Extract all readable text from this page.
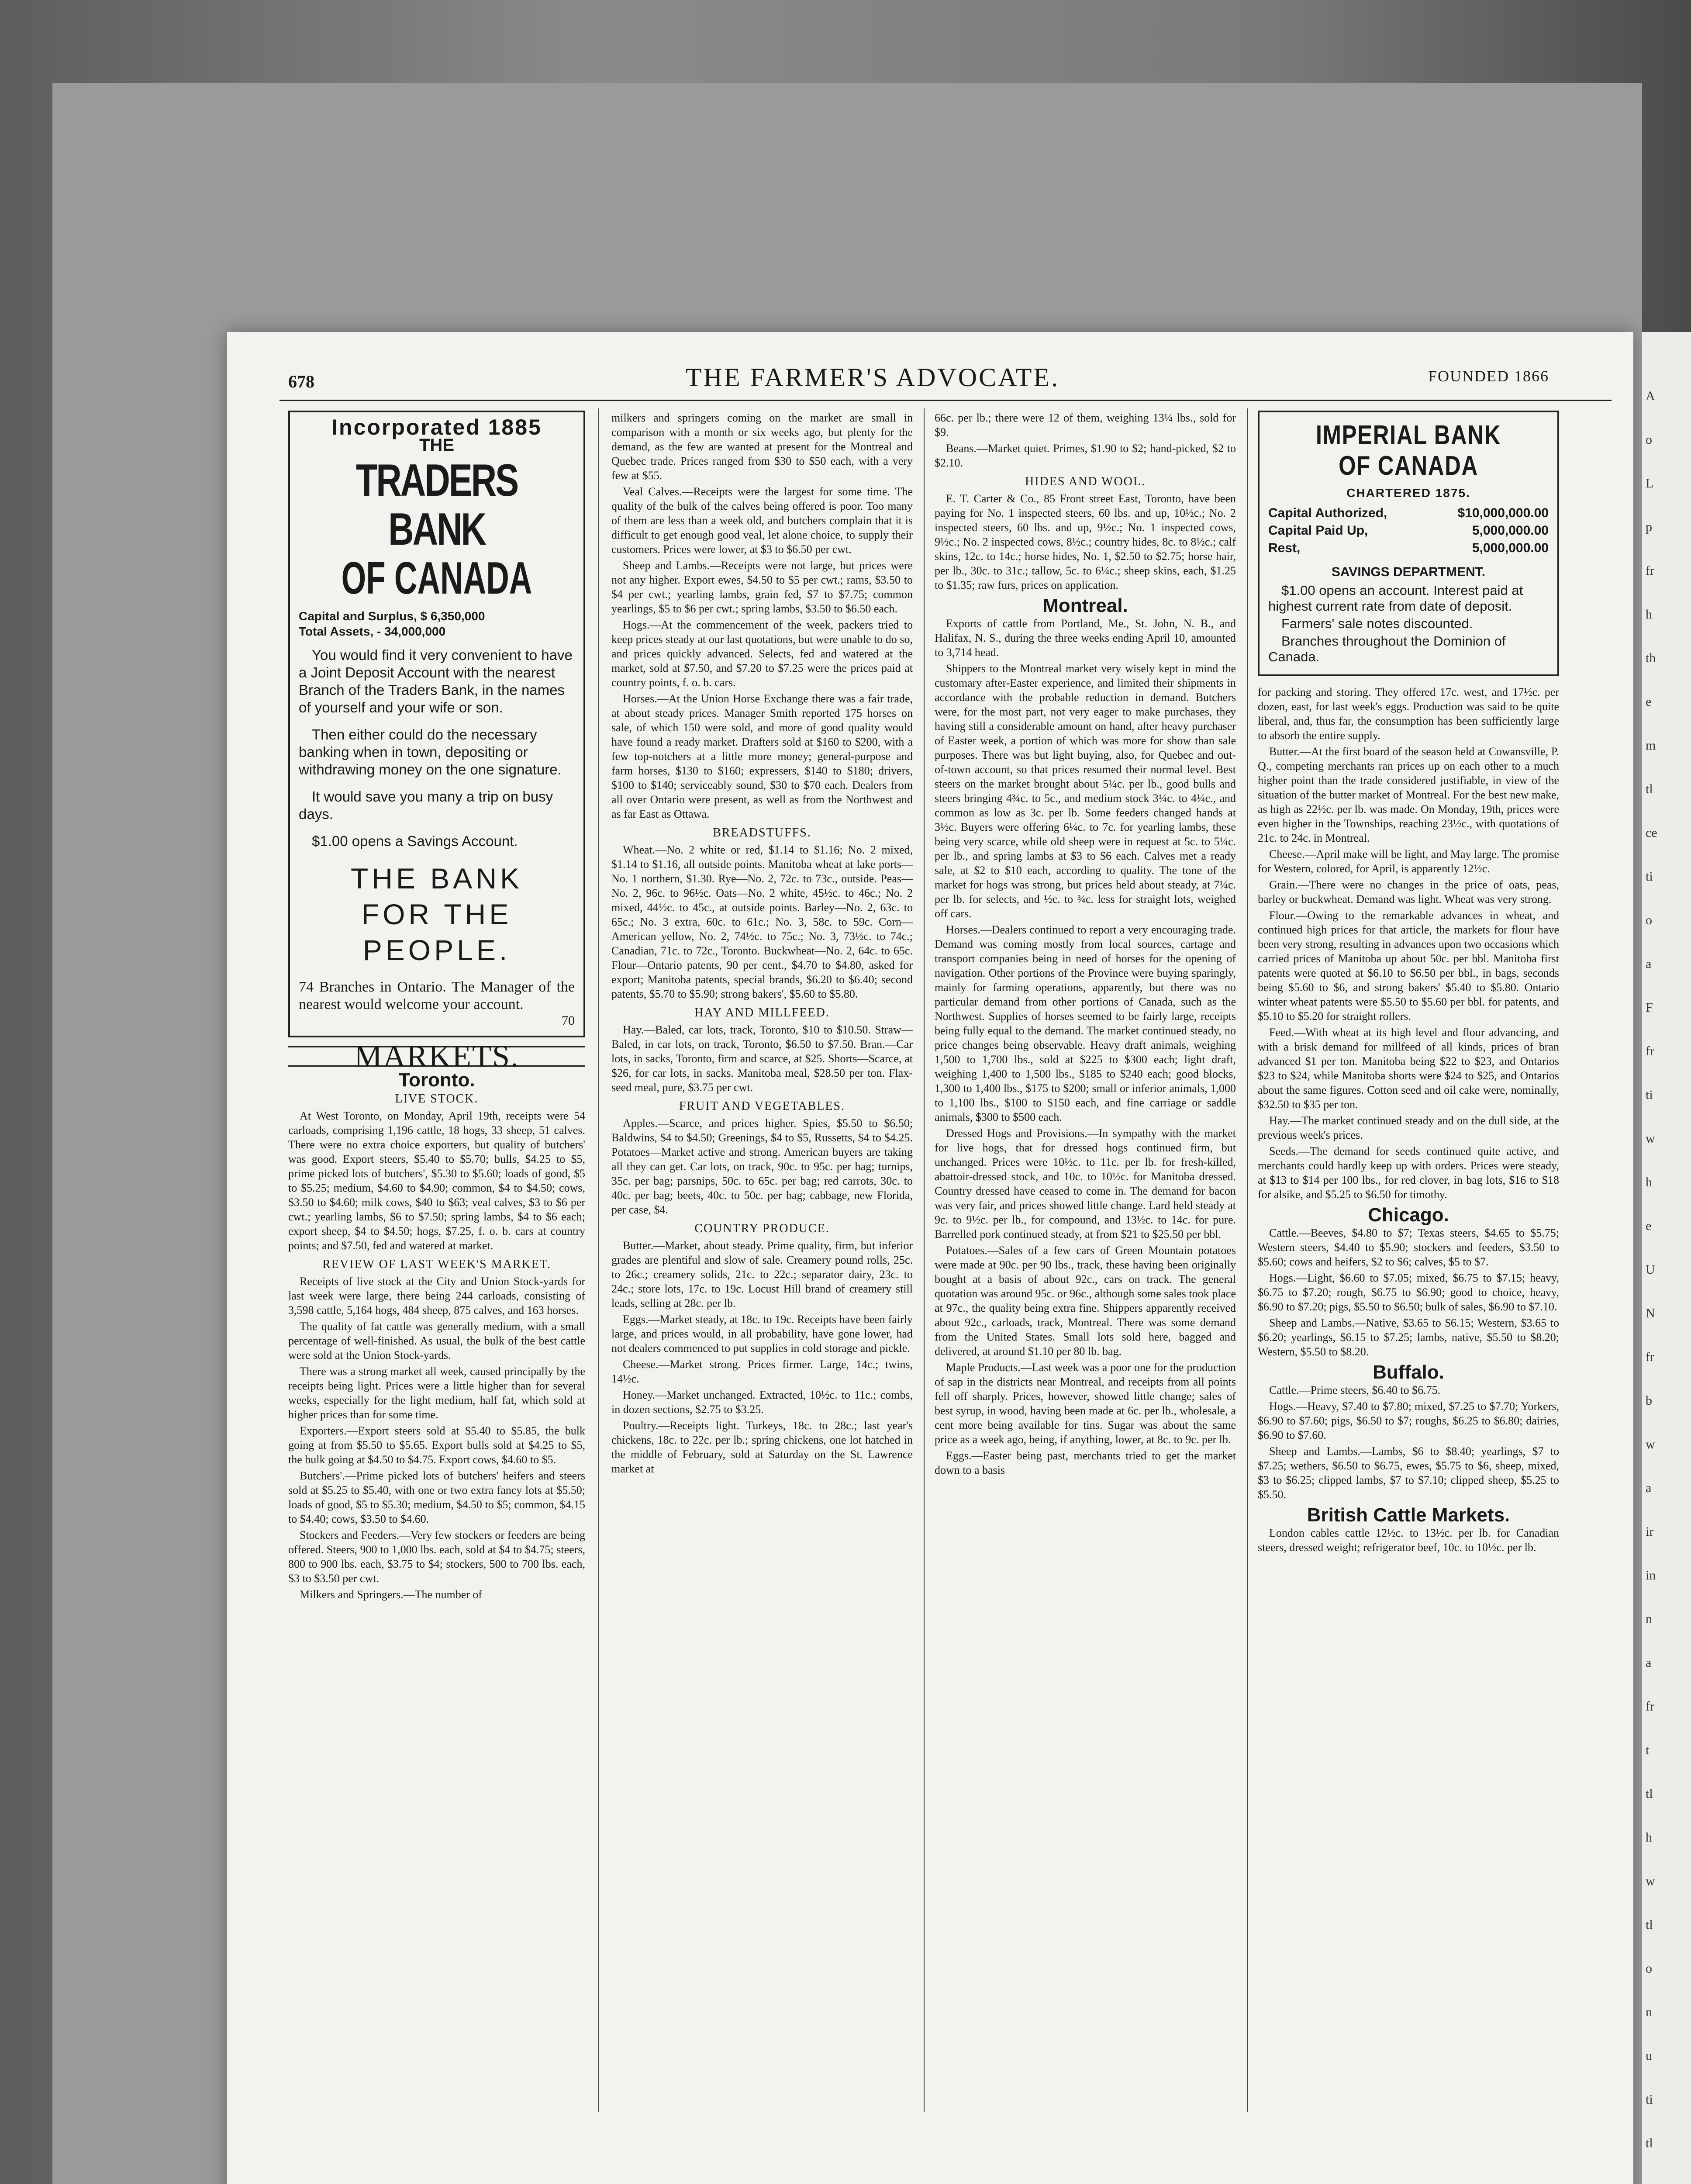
678	THE FARMER'S ADVOCATE.	FOUNDED 1866
Incorporated 1885
THE
TRADERS BANK
OF CANADA
Capital and Surplus, $ 6,350,000
Total Assets, - 34,000,000

You would find it very convenient to have a Joint Deposit Account with the nearest Branch of the Traders Bank, in the names of yourself and your wife or son.

Then either could do the necessary banking when in town, depositing or withdrawing money on the one signature.

It would save you many a trip on busy days.

$1.00 opens a Savings Account.

THE BANK
FOR THE
PEOPLE.
74 Branches in Ontario. The Manager of the nearest would welcome your account.
70
MARKETS.
Toronto.
LIVE STOCK.

At West Toronto, on Monday, April 19th, receipts were 54 carloads, comprising 1,196 cattle, 18 hogs, 33 sheep, 51 calves. There were no extra choice exporters, but quality of butchers' was good. Export steers, $5.40 to $5.70; bulls, $4.25 to $5, prime picked lots of butchers', $5.30 to $5.60; loads of good, $5 to $5.25; medium, $4.60 to $4.90; common, $4 to $4.50; cows, $3.50 to $4.60; milk cows, $40 to $63; veal calves, $3 to $6 per cwt.; yearling lambs, $6 to $7.50; spring lambs, $4 to $6 each; export sheep, $4 to $4.50; hogs, $7.25, f. o. b. cars at country points; and $7.50, fed and watered at market.

REVIEW OF LAST WEEK'S MARKET.

Receipts of live stock at the City and Union Stock-yards for last week were large, there being 244 carloads, consisting of 3,598 cattle, 5,164 hogs, 484 sheep, 875 calves, and 163 horses.

The quality of fat cattle was generally medium, with a small percentage of well-finished. As usual, the bulk of the best cattle were sold at the Union Stock-yards.

There was a strong market all week, caused principally by the receipts being light. Prices were a little higher than for several weeks, especially for the light medium, half fat, which sold at higher prices than for some time.

Exporters.—Export steers sold at $5.40 to $5.85, the bulk going at from $5.50 to $5.65. Export bulls sold at $4.25 to $5, the bulk going at $4.50 to $4.75. Export cows, $4.60 to $5.

Butchers'.—Prime picked lots of butchers' heifers and steers sold at $5.25 to $5.40, with one or two extra fancy lots at $5.50; loads of good, $5 to $5.30; medium, $4.50 to $5; common, $4.15 to $4.40; cows, $3.50 to $4.60.

Stockers and Feeders.—Very few stockers or feeders are being offered. Steers, 900 to 1,000 lbs. each, sold at $4 to $4.75; steers, 800 to 900 lbs. each, $3.75 to $4; stockers, 500 to 700 lbs. each, $3 to $3.50 per cwt.

Milkers and Springers.—The number of

milkers and springers coming on the market are small in comparison with a month or six weeks ago, but plenty for the demand, as the few are wanted at present for the Montreal and Quebec trade. Prices ranged from $30 to $50 each, with a very few at $55.

Veal Calves.—Receipts were the largest for some time. The quality of the bulk of the calves being offered is poor. Too many of them are less than a week old, and butchers complain that it is difficult to get enough good veal, let alone choice, to supply their customers. Prices were lower, at $3 to $6.50 per cwt.

Sheep and Lambs.—Receipts were not large, but prices were not any higher. Export ewes, $4.50 to $5 per cwt.; rams, $3.50 to $4 per cwt.; yearling lambs, grain fed, $7 to $7.75; common yearlings, $5 to $6 per cwt.; spring lambs, $3.50 to $6.50 each.

Hogs.—At the commencement of the week, packers tried to keep prices steady at our last quotations, but were unable to do so, and prices quickly advanced. Selects, fed and watered at the market, sold at $7.50, and $7.20 to $7.25 were the prices paid at country points, f. o. b. cars.

Horses.—At the Union Horse Exchange there was a fair trade, at about steady prices. Manager Smith reported 175 horses on sale, of which 150 were sold, and more of good quality would have found a ready market. Drafters sold at $160 to $200, with a few top-notchers at a little more money; general-purpose and farm horses, $130 to $160; expressers, $140 to $180; drivers, $100 to $140; serviceably sound, $30 to $70 each. Dealers from all over Ontario were present, as well as from the Northwest and as far East as Ottawa.

BREADSTUFFS.

Wheat.—No. 2 white or red, $1.14 to $1.16; No. 2 mixed, $1.14 to $1.16, all outside points. Manitoba wheat at lake ports—No. 1 northern, $1.30. Rye—No. 2, 72c. to 73c., outside. Peas—No. 2, 96c. to 96½c. Oats—No. 2 white, 45½c. to 46c.; No. 2 mixed, 44½c. to 45c., at outside points. Barley—No. 2, 63c. to 65c.; No. 3 extra, 60c. to 61c.; No. 3, 58c. to 59c. Corn—American yellow, No. 2, 74½c. to 75c.; No. 3, 73½c. to 74c.; Canadian, 71c. to 72c., Toronto. Buckwheat—No. 2, 64c. to 65c. Flour—Ontario patents, 90 per cent., $4.70 to $4.80, asked for export; Manitoba patents, special brands, $6.20 to $6.40; second patents, $5.70 to $5.90; strong bakers', $5.60 to $5.80.

HAY AND MILLFEED.

Hay.—Baled, car lots, track, Toronto, $10 to $10.50. Straw—Baled, in car lots, on track, Toronto, $6.50 to $7.50. Bran.—Car lots, in sacks, Toronto, firm and scarce, at $25. Shorts—Scarce, at $26, for car lots, in sacks. Manitoba meal, $28.50 per ton. Flax-seed meal, pure, $3.75 per cwt.

FRUIT AND VEGETABLES.

Apples.—Scarce, and prices higher. Spies, $5.50 to $6.50; Baldwins, $4 to $4.50; Greenings, $4 to $5, Russetts, $4 to $4.25. Potatoes—Market active and strong. American buyers are taking all they can get. Car lots, on track, 90c. to 95c. per bag; turnips, 35c. per bag; parsnips, 50c. to 65c. per bag; red carrots, 30c. to 40c. per bag; beets, 40c. to 50c. per bag; cabbage, new Florida, per case, $4.

COUNTRY PRODUCE.

Butter.—Market, about steady. Prime quality, firm, but inferior grades are plentiful and slow of sale. Creamery pound rolls, 25c. to 26c.; creamery solids, 21c. to 22c.; separator dairy, 23c. to 24c.; store lots, 17c. to 19c. Locust Hill brand of creamery still leads, selling at 28c. per lb.

Eggs.—Market steady, at 18c. to 19c. Receipts have been fairly large, and prices would, in all probability, have gone lower, had not dealers commenced to put supplies in cold storage and pickle.

Cheese.—Market strong. Prices firmer. Large, 14c.; twins, 14½c.

Honey.—Market unchanged. Extracted, 10½c. to 11c.; combs, in dozen sections, $2.75 to $3.25.

Poultry.—Receipts light. Turkeys, 18c. to 28c.; last year's chickens, 18c. to 22c. per lb.; spring chickens, one lot hatched in the middle of February, sold at Saturday on the St. Lawrence market at

66c. per lb.; there were 12 of them, weighing 13¼ lbs., sold for $9.

Beans.—Market quiet. Primes, $1.90 to $2; hand-picked, $2 to $2.10.

HIDES AND WOOL.

E. T. Carter & Co., 85 Front street East, Toronto, have been paying for No. 1 inspected steers, 60 lbs. and up, 10½c.; No. 2 inspected steers, 60 lbs. and up, 9½c.; No. 1 inspected cows, 9½c.; No. 2 inspected cows, 8½c.; country hides, 8c. to 8½c.; calf skins, 12c. to 14c.; horse hides, No. 1, $2.50 to $2.75; horse hair, per lb., 30c. to 31c.; tallow, 5c. to 6¼c.; sheep skins, each, $1.25 to $1.35; raw furs, prices on application.

Montreal.

Exports of cattle from Portland, Me., St. John, N. B., and Halifax, N. S., during the three weeks ending April 10, amounted to 3,714 head.

Shippers to the Montreal market very wisely kept in mind the customary after-Easter experience, and limited their shipments in accordance with the probable reduction in demand. Butchers were, for the most part, not very eager to make purchases, they having still a considerable amount on hand, after heavy purchaser of Easter week, a portion of which was more for show than sale purposes. There was but light buying, also, for Quebec and out-of-town account, so that prices resumed their normal level. Best steers on the market brought about 5¼c. per lb., good bulls and steers bringing 4¾c. to 5c., and medium stock 3¼c. to 4¼c., and common as low as 3c. per lb. Some feeders changed hands at 3½c. Buyers were offering 6¼c. to 7c. for yearling lambs, these being very scarce, while old sheep were in request at 5c. to 5¼c. per lb., and spring lambs at $3 to $6 each. Calves met a ready sale, at $2 to $10 each, according to quality. The tone of the market for hogs was strong, but prices held about steady, at 7¼c. per lb. for selects, and ½c. to ¾c. less for straight lots, weighed off cars.

Horses.—Dealers continued to report a very encouraging trade. Demand was coming mostly from local sources, cartage and transport companies being in need of horses for the opening of navigation. Other portions of the Province were buying sparingly, mainly for farming operations, apparently, but there was no particular demand from other portions of Canada, such as the Northwest. Supplies of horses seemed to be fairly large, receipts being fully equal to the demand. The market continued steady, no price changes being observable. Heavy draft animals, weighing 1,500 to 1,700 lbs., sold at $225 to $300 each; light draft, weighing 1,400 to 1,500 lbs., $185 to $240 each; good blocks, 1,300 to 1,400 lbs., $175 to $200; small or inferior animals, 1,000 to 1,100 lbs., $100 to $150 each, and fine carriage or saddle animals, $300 to $500 each.

Dressed Hogs and Provisions.—In sympathy with the market for live hogs, that for dressed hogs continued firm, but unchanged. Prices were 10½c. to 11c. per lb. for fresh-killed, abattoir-dressed stock, and 10c. to 10½c. for Manitoba dressed. Country dressed have ceased to come in. The demand for bacon was very fair, and prices showed little change. Lard held steady at 9c. to 9½c. per lb., for compound, and 13½c. to 14c. for pure. Barrelled pork continued steady, at from $21 to $25.50 per bbl.

Potatoes.—Sales of a few cars of Green Mountain potatoes were made at 90c. per 90 lbs., track, these having been originally bought at a basis of about 92c., cars on track. The general quotation was around 95c. or 96c., although some sales took place at 97c., the quality being extra fine. Shippers apparently received about 92c., carloads, track, Montreal. There was some demand from the United States. Small lots sold here, bagged and delivered, at around $1.10 per 80 lb. bag.

Maple Products.—Last week was a poor one for the production of sap in the districts near Montreal, and receipts from all points fell off sharply. Prices, however, showed little change; sales of best syrup, in wood, having been made at 6c. per lb., wholesale, a cent more being available for tins. Sugar was about the same price as a week ago, being, if anything, lower, at 8c. to 9c. per lb.

Eggs.—Easter being past, merchants tried to get the market down to a basis

IMPERIAL BANK
OF CANADA
CHARTERED 1875.
Capital Authorized,	$10,000,000.00
Capital Paid Up,	5,000,000.00
Rest,	5,000,000.00
SAVINGS DEPARTMENT.

$1.00 opens an account. Interest paid at highest current rate from date of deposit.

Farmers' sale notes discounted.

Branches throughout the Dominion of Canada.

for packing and storing. They offered 17c. west, and 17½c. per dozen, east, for last week's eggs. Production was said to be quite liberal, and, thus far, the consumption has been sufficiently large to absorb the entire supply.

Butter.—At the first board of the season held at Cowansville, P. Q., competing merchants ran prices up on each other to a much higher point than the trade considered justifiable, in view of the situation of the butter market of Montreal. For the best new make, as high as 22½c. per lb. was made. On Monday, 19th, prices were even higher in the Townships, reaching 23½c., with quotations of 21c. to 24c. in Montreal.

Cheese.—April make will be light, and May large. The promise for Western, colored, for April, is apparently 12½c.

Grain.—There were no changes in the price of oats, peas, barley or buckwheat. Demand was light. Wheat was very strong.

Flour.—Owing to the remarkable advances in wheat, and continued high prices for that article, the markets for flour have been very strong, resulting in advances upon two occasions which carried prices of Manitoba up about 50c. per bbl. Manitoba first patents were quoted at $6.10 to $6.50 per bbl., in bags, seconds being $5.60 to $6, and strong bakers' $5.40 to $5.80. Ontario winter wheat patents were $5.50 to $5.60 per bbl. for patents, and $5.10 to $5.20 for straight rollers.

Feed.—With wheat at its high level and flour advancing, and with a brisk demand for millfeed of all kinds, prices of bran advanced $1 per ton. Manitoba being $22 to $23, and Ontarios $23 to $24, while Manitoba shorts were $24 to $25, and Ontarios about the same figures. Cotton seed and oil cake were, nominally, $32.50 to $35 per ton.

Hay.—The market continued steady and on the dull side, at the previous week's prices.

Seeds.—The demand for seeds continued quite active, and merchants could hardly keep up with orders. Prices were steady, at $13 to $14 per 100 lbs., for red clover, in bag lots, $16 to $18 for alsike, and $5.25 to $6.50 for timothy.

Chicago.

Cattle.—Beeves, $4.80 to $7; Texas steers, $4.65 to $5.75; Western steers, $4.40 to $5.90; stockers and feeders, $3.50 to $5.60; cows and heifers, $2 to $6; calves, $5 to $7.

Hogs.—Light, $6.60 to $7.05; mixed, $6.75 to $7.15; heavy, $6.75 to $7.20; rough, $6.75 to $6.90; good to choice, heavy, $6.90 to $7.20; pigs, $5.50 to $6.50; bulk of sales, $6.90 to $7.10.

Sheep and Lambs.—Native, $3.65 to $6.15; Western, $3.65 to $6.20; yearlings, $6.15 to $7.25; lambs, native, $5.50 to $8.20; Western, $5.50 to $8.20.

Buffalo.

Cattle.—Prime steers, $6.40 to $6.75.

Hogs.—Heavy, $7.40 to $7.80; mixed, $7.25 to $7.70; Yorkers, $6.90 to $7.60; pigs, $6.50 to $7; roughs, $6.25 to $6.80; dairies, $6.90 to $7.60.

Sheep and Lambs.—Lambs, $6 to $8.40; yearlings, $7 to $7.25; wethers, $6.50 to $6.75, ewes, $5.75 to $6, sheep, mixed, $3 to $6.25; clipped lambs, $7 to $7.10; clipped sheep, $5.25 to $5.50.

British Cattle Markets.

London cables cattle 12½c. to 13½c. per lb. for Canadian steers, dressed weight; refrigerator beef, 10c. to 10½c. per lb.

A
o
L
p
fr
h
th
e
m
tl
ce
ti
o
a
F
fr
ti
w
h
e
U
N
fr
b
w
a
ir
in
n
a
fr
t
tl
h
w
tl
o
n
u
ti
tl
